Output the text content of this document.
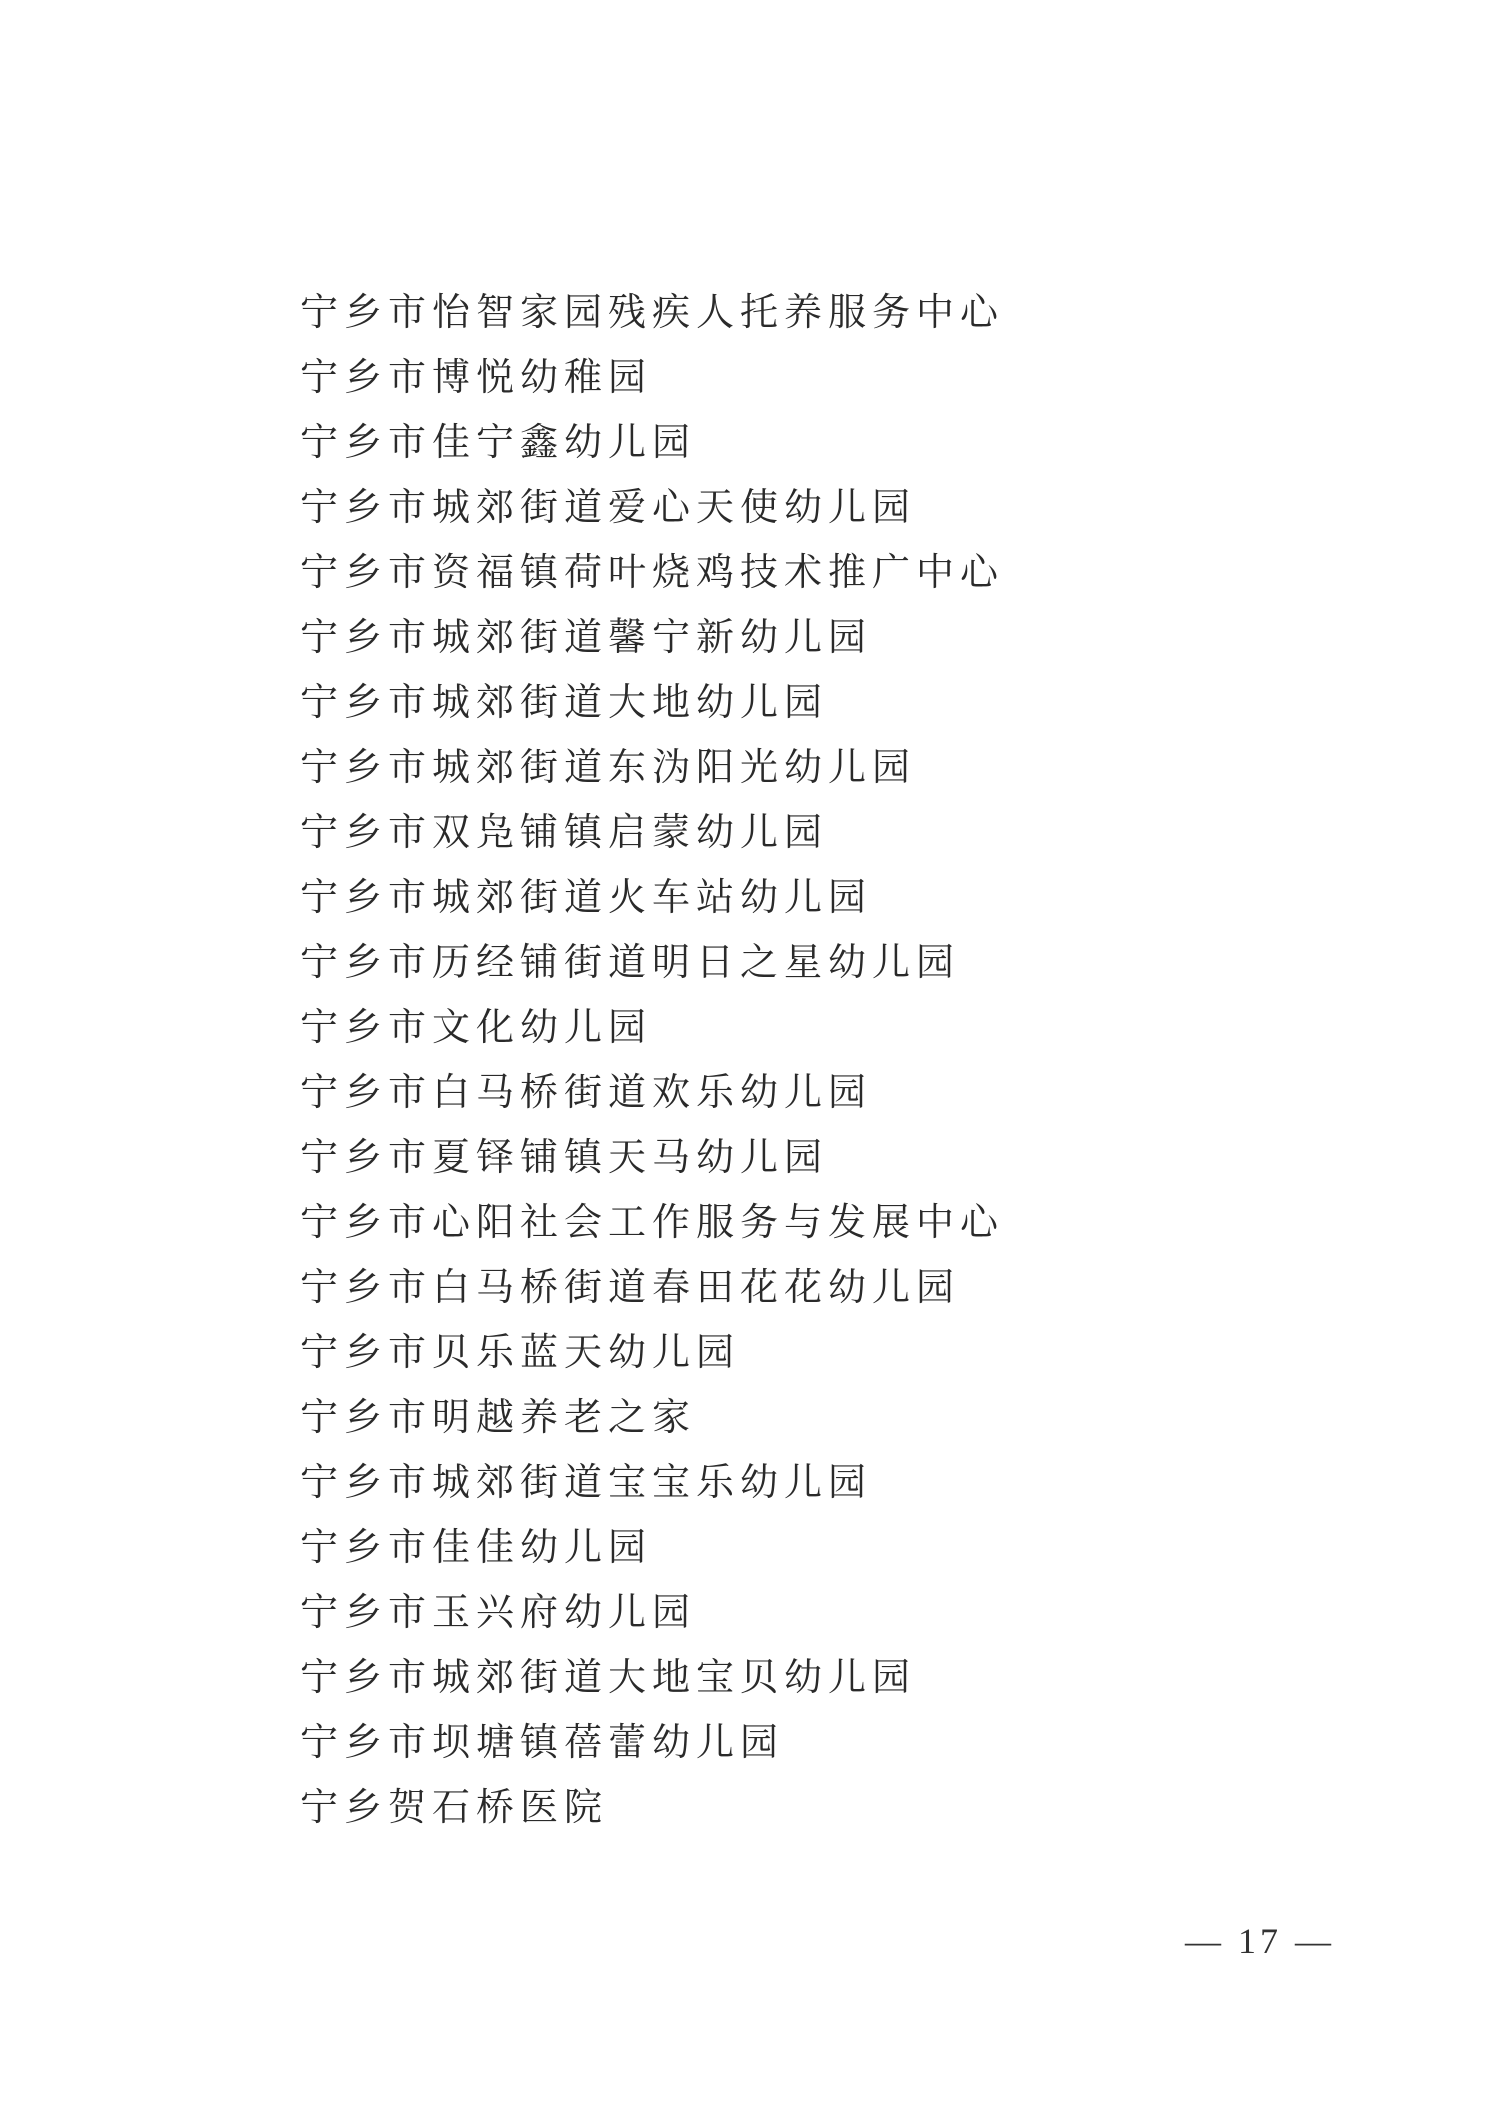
宁乡市怡智家园残疾人托养服务中心
宁乡市博悦幼稚园
宁乡市佳宁鑫幼儿园
宁乡市城郊街道爱心天使幼儿园
宁乡市资福镇荷叶烧鸡技术推广中心
宁乡市城郊街道馨宁新幼儿园
宁乡市城郊街道大地幼儿园
宁乡市城郊街道东沩阳光幼儿园
宁乡市双凫铺镇启蒙幼儿园
宁乡市城郊街道火车站幼儿园
宁乡市历经铺街道明日之星幼儿园
宁乡市文化幼儿园
宁乡市白马桥街道欢乐幼儿园
宁乡市夏铎铺镇天马幼儿园
宁乡市心阳社会工作服务与发展中心
宁乡市白马桥街道春田花花幼儿园
宁乡市贝乐蓝天幼儿园
宁乡市明越养老之家
宁乡市城郊街道宝宝乐幼儿园
宁乡市佳佳幼儿园
宁乡市玉兴府幼儿园
宁乡市城郊街道大地宝贝幼儿园
宁乡市坝塘镇蓓蕾幼儿园
宁乡贺石桥医院
— 17 —
